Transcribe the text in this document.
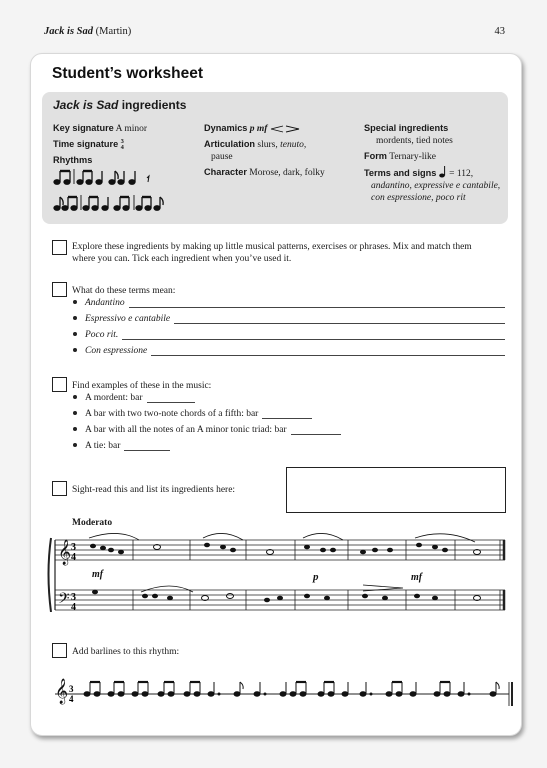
Jack is Sad (Martin)	43
Student’s worksheet
Jack is Sad ingredients
Key signature A minor
Time signature 3
4
Rhythms
Dynamics p mf
Articulation slurs, tenuto,
pause
Character Morose, dark, folky
Special ingredients
mordents, tied notes
Form Ternary-like
Terms and signs = 112,

andantino, expressive e cantabile, con espressione, poco rit
Explore these ingredients by making up little musical patterns, exercises or phrases. Mix and match them where you can. Tick each ingredient when you’ve used it.
What do these terms mean:
Andantino
Espressivo e cantabile
Poco rit.
Con espressione
Find examples of these in the music:
A mordent: bar
A bar with two two-note chords of a fifth: bar
A bar with all the notes of an A minor tonic triad: bar
A tie: bar
Sight-read this and list its ingredients here:
Moderato
𝄞
𝄢
3
4
3
4
mf	p	mf
Add barlines to this rhythm:
𝄞 3
4
